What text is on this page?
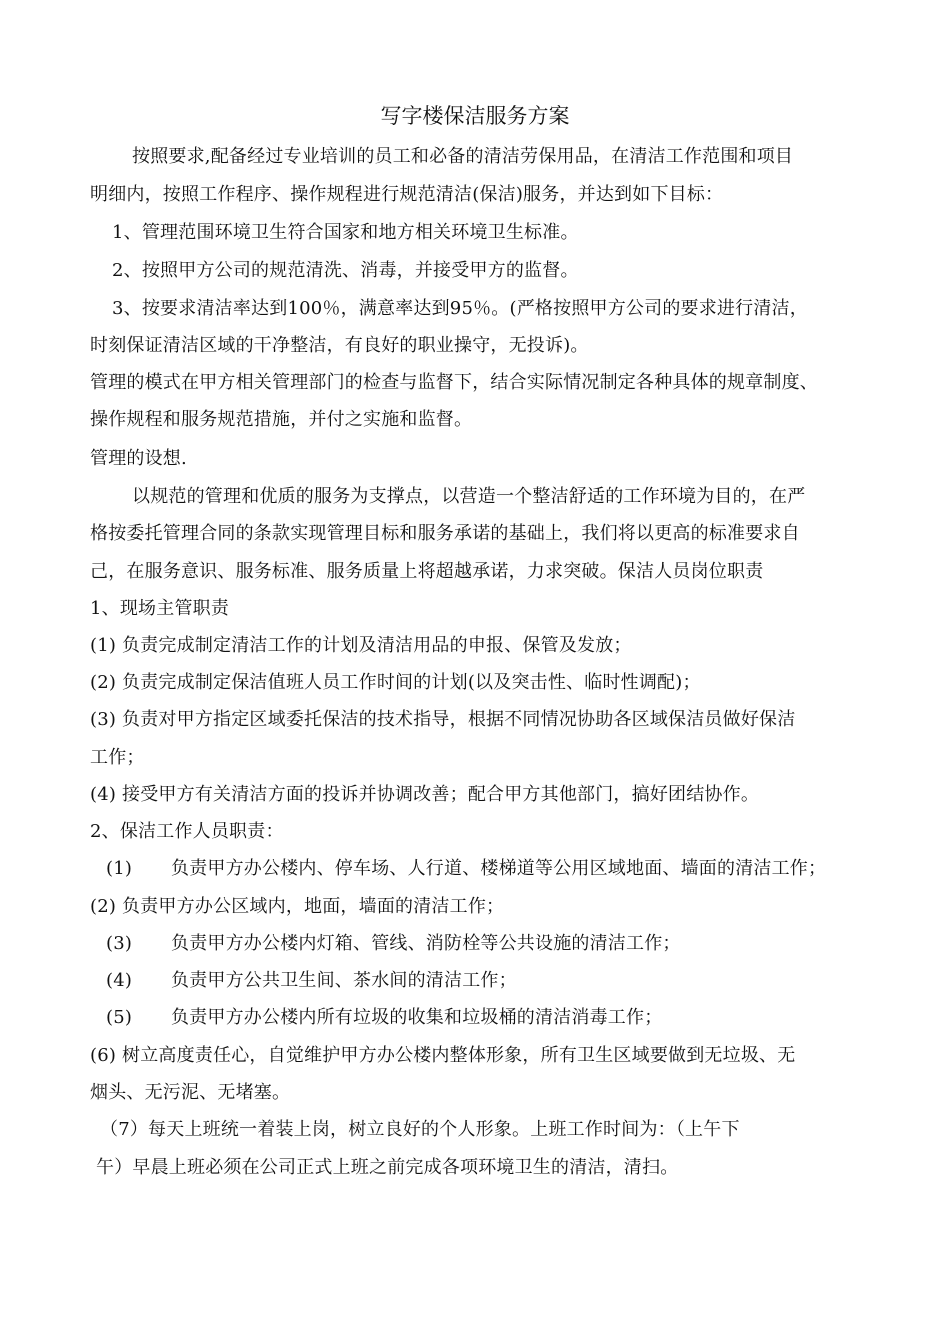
写字楼保洁服务方案
按照要求,配备经过专业培训的员工和必备的清洁劳保用品，在清洁工作范围和项目
明细内，按照工作程序、操作规程进行规范清洁(保洁)服务，并达到如下目标：
1、管理范围环境卫生符合国家和地方相关环境卫生标准。
2、按照甲方公司的规范清洗、消毒，并接受甲方的监督。
3、按要求清洁率达到100％，满意率达到95％。(严格按照甲方公司的要求进行清洁，
时刻保证清洁区域的干净整洁，有良好的职业操守，无投诉)。
管理的模式在甲方相关管理部门的检查与监督下，结合实际情况制定各种具体的规章制度、
操作规程和服务规范措施，并付之实施和监督。
管理的设想.
以规范的管理和优质的服务为支撑点，以营造一个整洁舒适的工作环境为目的，在严
格按委托管理合同的条款实现管理目标和服务承诺的基础上，我们将以更高的标准要求自
己，在服务意识、服务标准、服务质量上将超越承诺，力求突破。保洁人员岗位职责
1、现场主管职责
(1) 负责完成制定清洁工作的计划及清洁用品的申报、保管及发放；
(2) 负责完成制定保洁值班人员工作时间的计划(以及突击性、临时性调配)；
(3) 负责对甲方指定区域委托保洁的技术指导，根据不同情况协助各区域保洁员做好保洁
工作；
(4) 接受甲方有关清洁方面的投诉并协调改善；配合甲方其他部门，搞好团结协作。
2、保洁工作人员职责：
(1) 负责甲方办公楼内、停车场、人行道、楼梯道等公用区域地面、墙面的清洁工作；
(2) 负责甲方办公区域内，地面，墙面的清洁工作；
(3) 负责甲方办公楼内灯箱、管线、消防栓等公共设施的清洁工作；
(4) 负责甲方公共卫生间、茶水间的清洁工作；
(5) 负责甲方办公楼内所有垃圾的收集和垃圾桶的清洁消毒工作；
(6) 树立高度责任心，自觉维护甲方办公楼内整体形象，所有卫生区域要做到无垃圾、无
烟头、无污泥、无堵塞。
（7）每天上班统一着装上岗，树立良好的个人形象。上班工作时间为：（上午下
午）早晨上班必须在公司正式上班之前完成各项环境卫生的清洁，清扫。
